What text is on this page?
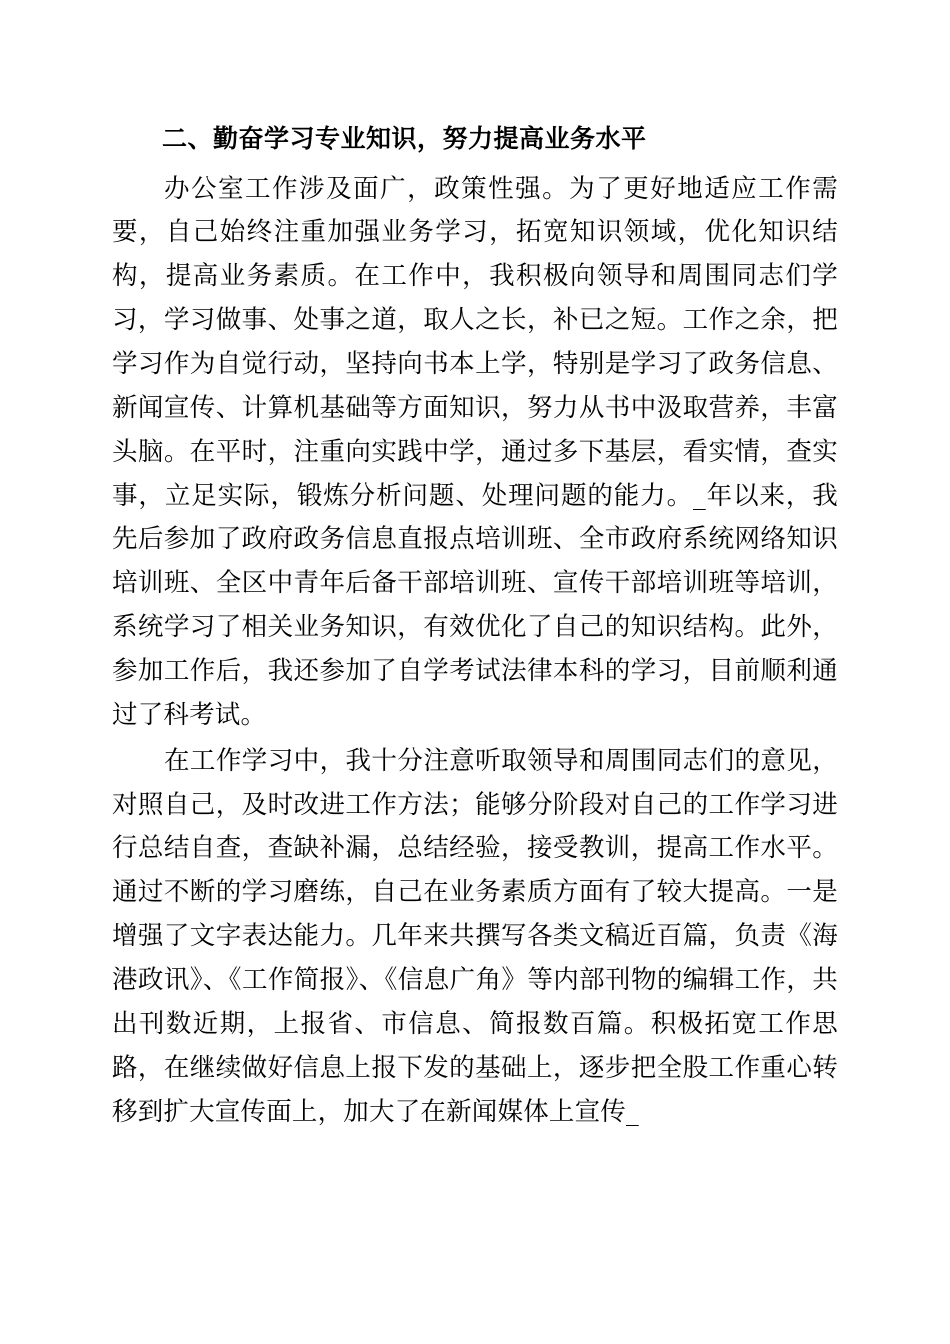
二、勤奋学习专业知识，努力提高业务水平

办公室工作涉及面广，政策性强。为了更好地适应工作需要，自己始终注重加强业务学习，拓宽知识领域，优化知识结构，提高业务素质。在工作中，我积极向领导和周围同志们学习，学习做事、处事之道，取人之长，补已之短。工作之余，把学习作为自觉行动，坚持向书本上学，特别是学习了政务信息、新闻宣传、计算机基础等方面知识，努力从书中汲取营养，丰富头脑。在平时，注重向实践中学，通过多下基层，看实情，查实事，立足实际，锻炼分析问题、处理问题的能力。_年以来，我先后参加了政府政务信息直报点培训班、全市政府系统网络知识培训班、全区中青年后备干部培训班、宣传干部培训班等培训，系统学习了相关业务知识，有效优化了自己的知识结构。此外，参加工作后，我还参加了自学考试法律本科的学习，目前顺利通过了科考试。

在工作学习中，我十分注意听取领导和周围同志们的意见，对照自己，及时改进工作方法；能够分阶段对自己的工作学习进行总结自查，查缺补漏，总结经验，接受教训，提高工作水平。通过不断的学习磨练，自己在业务素质方面有了较大提高。一是增强了文字表达能力。几年来共撰写各类文稿近百篇，负责《海港政讯》、《工作简报》、《信息广角》等内部刊物的编辑工作，共出刊数近期，上报省、市信息、简报数百篇。积极拓宽工作思路，在继续做好信息上报下发的基础上，逐步把全股工作重心转移到扩大宣传面上，加大了在新闻媒体上宣传_
